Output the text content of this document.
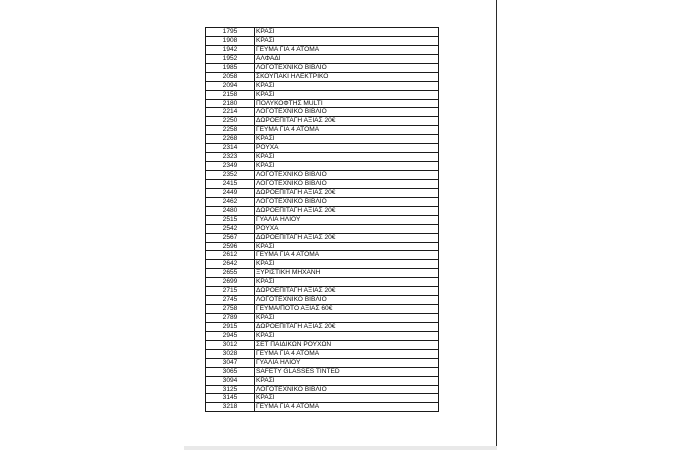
1795	ΚΡΑΣΙ
1908	ΚΡΑΣΙ
1942	ΓΕΥΜΑ ΓΙΑ 4 ΑΤΟΜΑ
1952	ΑΛΦΑΔΙ
1985	ΛΟΓΟΤΕΧΝΙΚΟ ΒΙΒΛΙΟ
2058	ΣΚΟΥΠΑΚΙ ΗΛΕΚΤΡΙΚΟ
2094	ΚΡΑΣΙ
2158	ΚΡΑΣΙ
2180	ΠΟΛΥΚΟΦΤΗΣ MULTI
2214	ΛΟΓΟΤΕΧΝΙΚΟ ΒΙΒΛΙΟ
2250	ΔΩΡΟΕΠΙΤΑΓΗ ΑΞΙΑΣ 20€
2258	ΓΕΥΜΑ ΓΙΑ 4 ΑΤΟΜΑ
2268	ΚΡΑΣΙ
2314	ΡΟΥΧΑ
2323	ΚΡΑΣΙ
2349	ΚΡΑΣΙ
2352	ΛΟΓΟΤΕΧΝΙΚΟ ΒΙΒΛΙΟ
2415	ΛΟΓΟΤΕΧΝΙΚΟ ΒΙΒΛΙΟ
2449	ΔΩΡΟΕΠΙΤΑΓΗ ΑΞΙΑΣ 20€
2462	ΛΟΓΟΤΕΧΝΙΚΟ ΒΙΒΛΙΟ
2480	ΔΩΡΟΕΠΙΤΑΓΗ ΑΞΙΑΣ 20€
2515	ΓΥΑΛΙΑ ΗΛΙΟΥ
2542	ΡΟΥΧΑ
2567	ΔΩΡΟΕΠΙΤΑΓΗ ΑΞΙΑΣ 20€
2596	ΚΡΑΣΙ
2612	ΓΕΥΜΑ ΓΙΑ 4 ΑΤΟΜΑ
2642	ΚΡΑΣΙ
2655	ΞΥΡΙΣΤΙΚΗ ΜΗΧΑΝΗ
2699	ΚΡΑΣΙ
2715	ΔΩΡΟΕΠΙΤΑΓΗ ΑΞΙΑΣ 20€
2745	ΛΟΓΟΤΕΧΝΙΚΟ ΒΙΒΛΙΟ
2758	ΓΕΥΜΑ/ΠΟΤΟ ΑΞΙΑΣ 60€
2789	ΚΡΑΣΙ
2915	ΔΩΡΟΕΠΙΤΑΓΗ ΑΞΙΑΣ 20€
2945	ΚΡΑΣΙ
3012	ΣΕΤ ΠΑΙΔΙΚΩΝ ΡΟΥΧΩΝ
3028	ΓΕΥΜΑ ΓΙΑ 4 ΑΤΟΜΑ
3047	ΓΥΑΛΙΑ ΗΛΙΟΥ
3065	SAFETY GLASSES TINTED
3094	ΚΡΑΣΙ
3125	ΛΟΓΟΤΕΧΝΙΚΟ ΒΙΒΛΙΟ
3145	ΚΡΑΣΙ
3218	ΓΕΥΜΑ ΓΙΑ 4 ΑΤΟΜΑ
